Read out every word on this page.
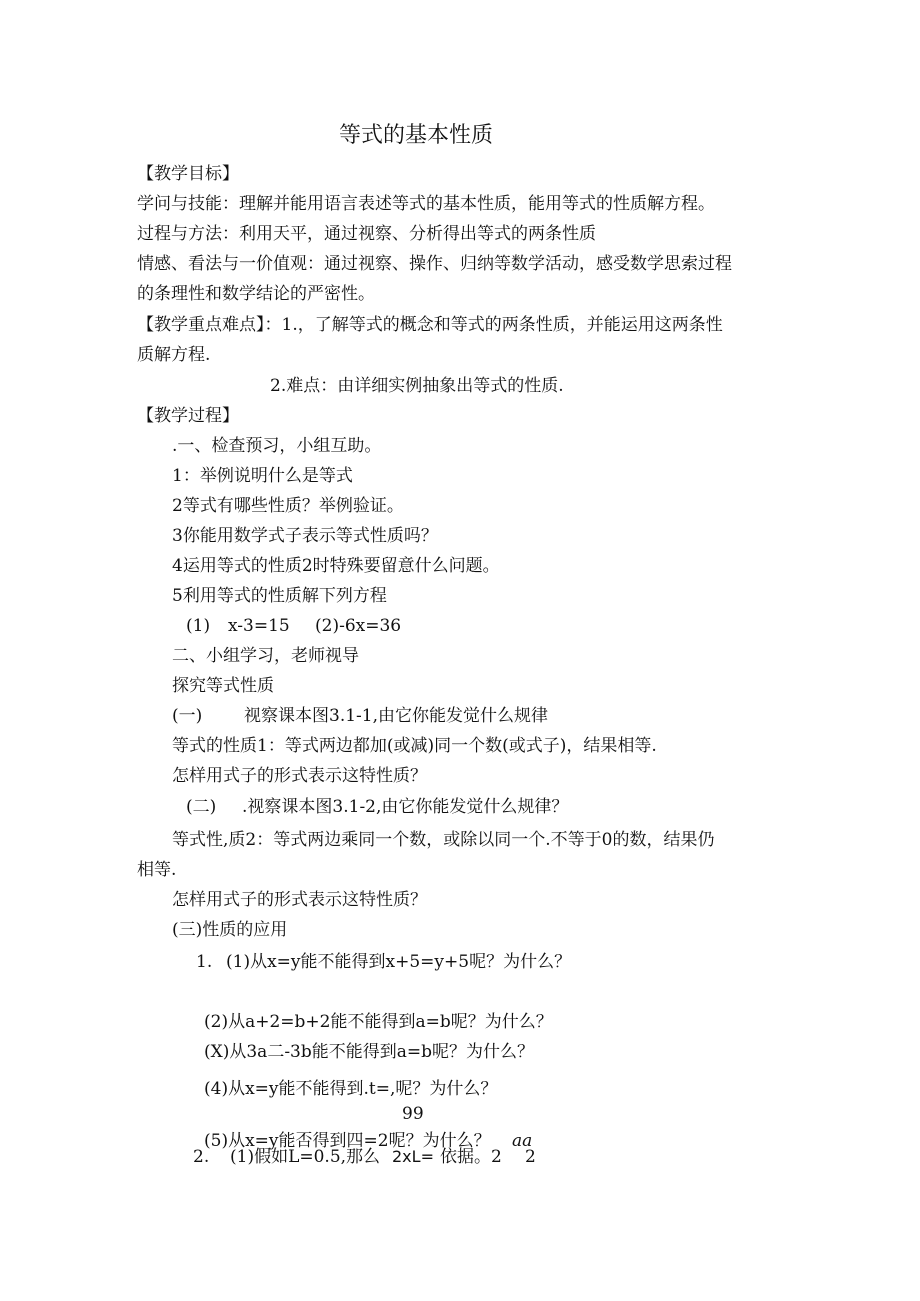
等式的基本性质
【教学目标】
学问与技能：理解并能用语言表述等式的基本性质，能用等式的性质解方程。
过程与方法：利用天平，通过视察、分析得出等式的两条性质
情感、看法与一价值观：通过视察、操作、归纳等数学活动，感受数学思索过程
的条理性和数学结论的严密性。
【教学重点难点】：1.，了解等式的概念和等式的两条性质，并能运用这两条性
质解方程.
2.难点：由详细实例抽象出等式的性质.
【教学过程】
.一、检查预习，小组互助。
1：举例说明什么是等式
2等式有哪些性质？举例验证。
3你能用数学式子表示等式性质吗？
4运用等式的性质2时特殊要留意什么问题。
5利用等式的性质解下列方程
(1) x-3=15 (2)-6x=36
二、小组学习，老师视导
探究等式性质
(一) 视察课本图3.1-1,由它你能发觉什么规律
等式的性质1：等式两边都加(或减)同一个数(或式子)，结果相等.
怎样用式子的形式表示这特性质？
(二) .视察课本图3.1-2,由它你能发觉什么规律？
等式性,质2：等式两边乘同一个数，或除以同一个.不等于0的数，结果仍
相等.
怎样用式子的形式表示这特性质？
(三)性质的应用
1. (1)从x=y能不能得到x+5=y+5呢？为什么？
(2)从a+2=b+2能不能得到a=b呢？为什么？
(X)从3a二-3b能不能得到a=b呢？为什么？
(4)从x=y能不能得到.t=,呢？为什么？
99
(5)从x=y能否得到四=2呢？为什么？ aa
2. (1)假如L=0.5,那么 2xL= 依据。2 2
